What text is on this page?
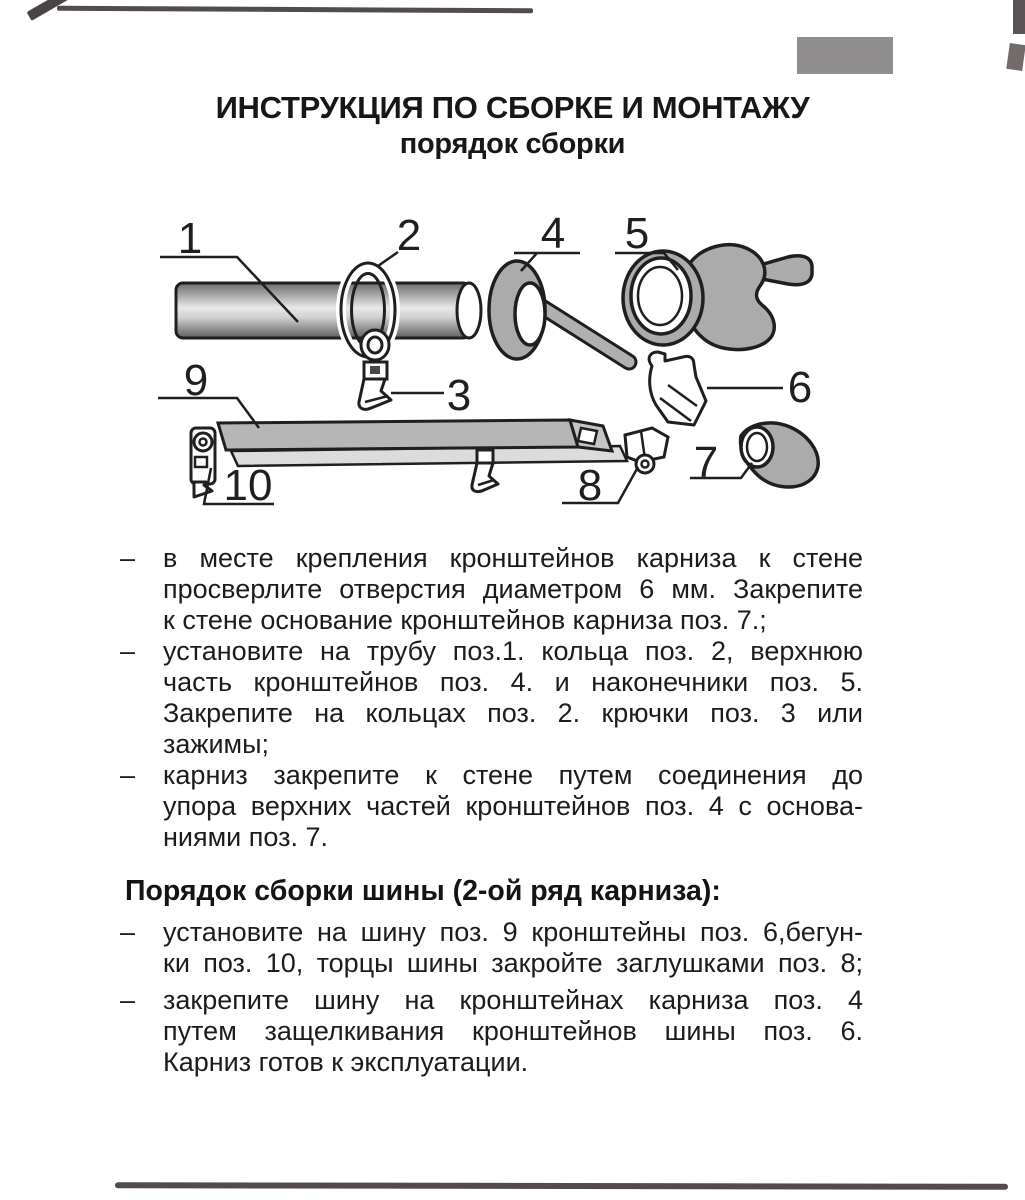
ИНСТРУКЦИЯ ПО СБОРКЕ И МОНТАЖУ
порядок сборки
1	2
3
4 5
6
7
8
9
10
–	в месте крепления кронштейнов карниза к стене
просверлите отверстия диаметром 6 мм. Закрепите
к стене основание кронштейнов карниза поз. 7.;
–	установите на трубу поз.1. кольца поз. 2, верхнюю
часть кронштейнов поз. 4. и наконечники поз. 5.
Закрепите на кольцах поз. 2. крючки поз. 3 или
зажимы;
–	карниз закрепите к стене путем соединения до
упора верхних частей кронштейнов поз. 4 с основа-
ниями поз. 7.
Порядок сборки шины (2-ой ряд карниза):
–	установите на шину поз. 9 кронштейны поз. 6,бегун-
ки поз. 10, торцы шины закройте заглушками поз. 8;
–	закрепите шину на кронштейнах карниза поз. 4
путем защелкивания кронштейнов шины поз. 6.
Карниз готов к эксплуатации.
